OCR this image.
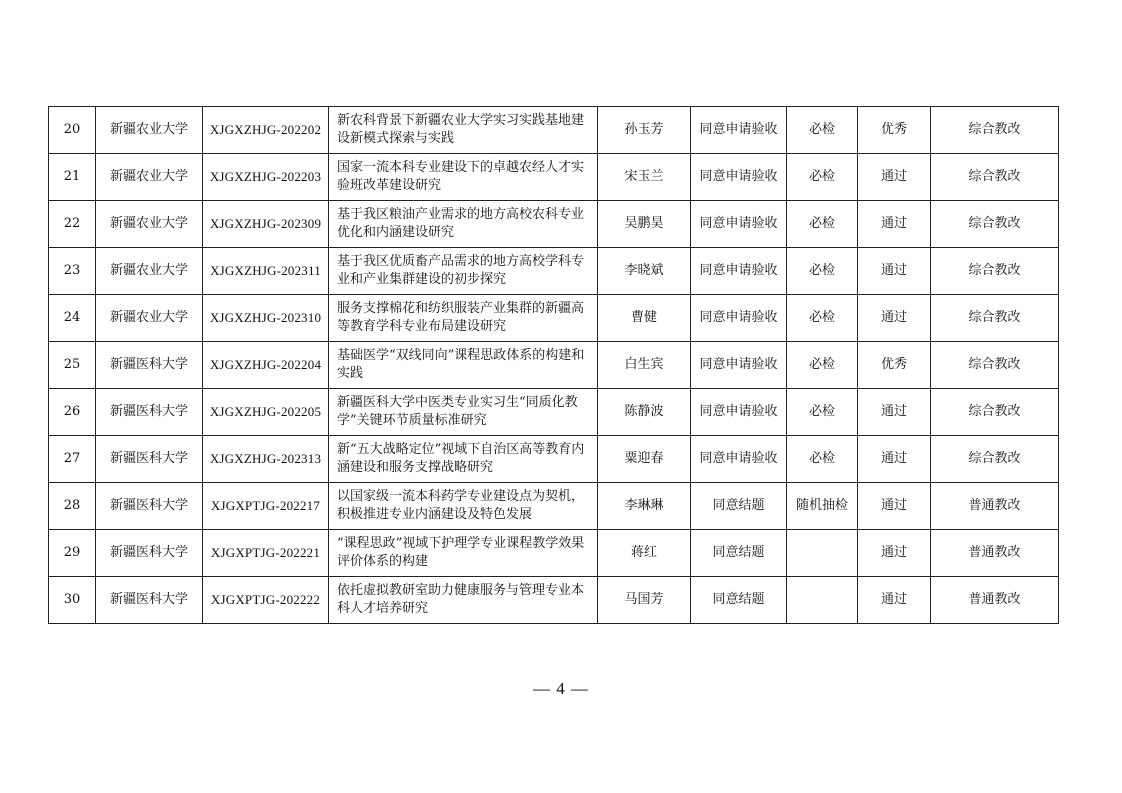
20	新疆农业大学	XJGXZHJG-202202	新农科背景下新疆农业大学实习实践基地建设新模式探索与实践	孙玉芳	同意申请验收	必检	优秀	综合教改
21	新疆农业大学	XJGXZHJG-202203	国家一流本科专业建设下的卓越农经人才实验班改革建设研究	宋玉兰	同意申请验收	必检	通过	综合教改
22	新疆农业大学	XJGXZHJG-202309	基于我区粮油产业需求的地方高校农科专业优化和内涵建设研究	吴鹏昊	同意申请验收	必检	通过	综合教改
23	新疆农业大学	XJGXZHJG-202311	基于我区优质畜产品需求的地方高校学科专业和产业集群建设的初步探究	李晓斌	同意申请验收	必检	通过	综合教改
24	新疆农业大学	XJGXZHJG-202310	服务支撑棉花和纺织服装产业集群的新疆高等教育学科专业布局建设研究	曹健	同意申请验收	必检	通过	综合教改
25	新疆医科大学	XJGXZHJG-202204	基础医学“双线同向”课程思政体系的构建和实践	白生宾	同意申请验收	必检	优秀	综合教改
26	新疆医科大学	XJGXZHJG-202205	新疆医科大学中医类专业实习生“同质化教学”关键环节质量标准研究	陈静波	同意申请验收	必检	通过	综合教改
27	新疆医科大学	XJGXZHJG-202313	新“五大战略定位”视域下自治区高等教育内涵建设和服务支撑战略研究	粟迎春	同意申请验收	必检	通过	综合教改
28	新疆医科大学	XJGXPTJG-202217	以国家级一流本科药学专业建设点为契机，积极推进专业内涵建设及特色发展	李琳琳	同意结题	随机抽检	通过	普通教改
29	新疆医科大学	XJGXPTJG-202221	“课程思政”视域下护理学专业课程教学效果评价体系的构建	蒋红	同意结题		通过	普通教改
30	新疆医科大学	XJGXPTJG-202222	依托虚拟教研室助力健康服务与管理专业本科人才培养研究	马国芳	同意结题		通过	普通教改
— 4 —
